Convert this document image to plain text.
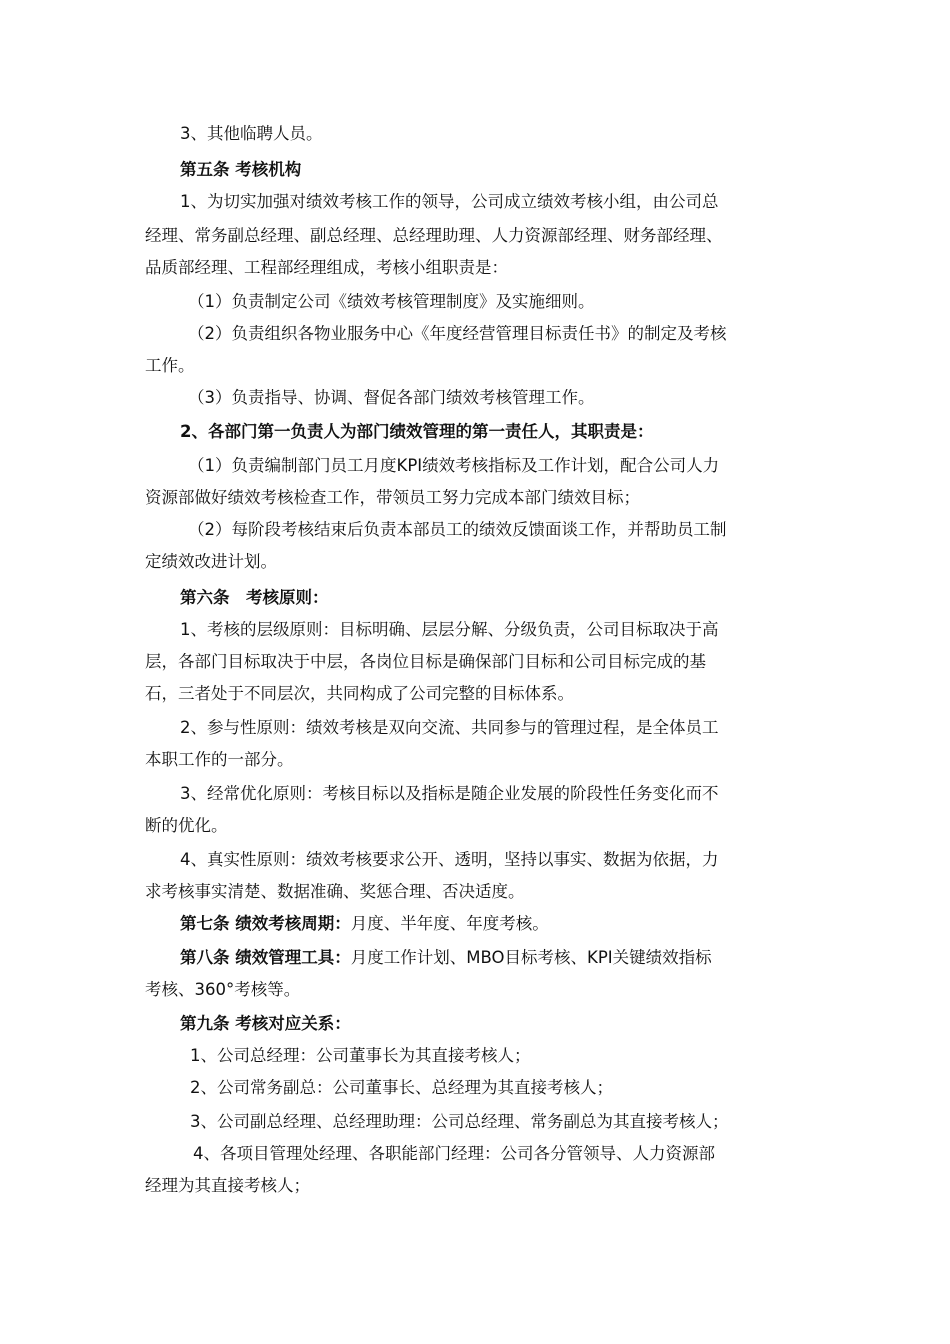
3、其他临聘人员。
第五条 考核机构
1、为切实加强对绩效考核工作的领导，公司成立绩效考核小组，由公司总
经理、常务副总经理、副总经理、总经理助理、人力资源部经理、财务部经理、
品质部经理、工程部经理组成，考核小组职责是：
（1）负责制定公司《绩效考核管理制度》及实施细则。
（2）负责组织各物业服务中心《年度经营管理目标责任书》的制定及考核
工作。
（3）负责指导、协调、督促各部门绩效考核管理工作。
2、各部门第一负责人为部门绩效管理的第一责任人，其职责是：
（1）负责编制部门员工月度KPI绩效考核指标及工作计划，配合公司人力
资源部做好绩效考核检查工作，带领员工努力完成本部门绩效目标；
（2）每阶段考核结束后负责本部员工的绩效反馈面谈工作，并帮助员工制
定绩效改进计划。
第六条　考核原则：
1、考核的层级原则：目标明确、层层分解、分级负责，公司目标取决于高
层，各部门目标取决于中层，各岗位目标是确保部门目标和公司目标完成的基
石，三者处于不同层次，共同构成了公司完整的目标体系。
2、参与性原则：绩效考核是双向交流、共同参与的管理过程，是全体员工
本职工作的一部分。
3、经常优化原则：考核目标以及指标是随企业发展的阶段性任务变化而不
断的优化。
4、真实性原则：绩效考核要求公开、透明，坚持以事实、数据为依据，力
求考核事实清楚、数据准确、奖惩合理、否决适度。
第七条 绩效考核周期：月度、半年度、年度考核。
第八条 绩效管理工具：月度工作计划、MBO目标考核、KPI关键绩效指标
考核、360°考核等。
第九条 考核对应关系：
1、公司总经理：公司董事长为其直接考核人；
2、公司常务副总：公司董事长、总经理为其直接考核人；
3、公司副总经理、总经理助理：公司总经理、常务副总为其直接考核人；
4、各项目管理处经理、各职能部门经理：公司各分管领导、人力资源部
经理为其直接考核人；
